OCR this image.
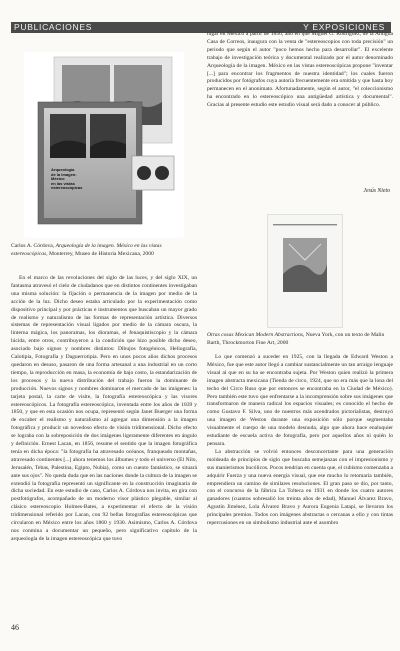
PUBLICACIONES	Y EXPOSICIONES
Arqueología
de la imagen:
México
en las vistas
estereoscópicas
Carlos A. Córdova, Arqueología de la imagen. México en las vistas estereoscópicas, Monterrey, Museo de Historia Mexicana, 2000

En el marco de las revoluciones del siglo de las luces, y del siglo XIX, un fantasma atravesó el cielo de ciudadanos que en distintos continentes investigaban una misma solución: la fijación o permanencia de la imagen por medio de la acción de la luz. Dicho deseo estaba articulado por la experimentación como dispositivo principal y por prácticas e instrumentos que buscaban un mayor grado de realismo y naturalismo de las formas de representación artística. Diversos sistemas de representación visual ligados por medio de la cámara oscura, la linterna mágica, los panoramas, los dioramas, el fenaquistiscopio y la cámara lúcida, entre otros, contribuyeron a la condición que hizo posible dicho deseo, asociado bajo signos y nombres distintos: Dibujos fotogénicos, Heliografía, Calotipia, Fotografía y Daguerrotipia. Pero en unos pocos años dichos procesos quedaron en desuso, pasaron de una forma artesanal a una industrial en un corto tiempo, la reproducción en masa, la economía de bajo costo, la estandarización de los procesos y la nueva distribución del trabajo fueron la dominante de producción. Nuevos signos y nombres dominaron el mercado de las imágenes: la tarjeta postal, la carte de visite, la fotografía estereoscópica y las visores estereoscópicos. La fotografía estereoscópica, inventada entre los años de 1839 y 1850, y que en esta ocasión nos ocupa, representó según Janet Buerger una forma de excaber el realismo y naturalismo al agregar una dimensión a la imagen fotográfica y producir un novedoso efecto de visión tridimensional. Dicho efecto se lograba con la sobreposición de dos imágenes ligeramente diferentes en ángulo y definición. Ernest Lacan, en 1856, resume el sentido que la imagen fotográfica tenía en dicha época: "la fotografía ha atravesado océanos, franqueado montañas, atravesado continentes [...] ahora tenemos los álbumes y todo el universo (El Nilo, Jerusalén, Tebas, Palestina, Egipto, Nubia), como un cuento fantástico, se situará ante sus ojos". No queda duda que en las naciones donde la cultura de la imagen se extendió la fotografía representó un significante en la construcción imaginaria de dicha sociedad. En este estudio de caso, Carlos A. Córdova nos invita, en gira con postfotógrafos, acompañado de un moderno visor plástico plegable, similar al clásico estereoscopio Holmes-Bates, a experimentar el efecto de la visión tridimensional referido por Lacan, con 92 bellas fotografías estereoscópicas que circularon en México entre los años 1860 y 1930. Asimismo, Carlos A. Córdova nos conmina a documentar un pequeño, pero significativo capítulo de la arqueología de la imagen estereoscópica que tuvo

lugar en México a partir de 1856, año en que Miguel G. Rodríguez, de la Antigua Casa de Correos, inaugura con la venta de "estereoscopios con toda precisión" un periodo que según el autor "poco hemos hecho para desarrollar". El excelente trabajo de investigación teórica y documental realizado por el autor denominado Arqueología de la imagen. México en las vistas estereoscópicas propone "inventar [...] para encontrar los fragmentos de nuestra identidad"; los cuales fueron producidos por fotógrafos cuya autoría frecuentemente era omitida y que hasta hoy permanecen en el anonimato. Afortunadamente, según el autor, "el coleccionismo ha encontrado en lo estereoscópico una antigüedad artística y documental". Gracias al presente estudio este estudio visual será dado a conocer al público.

Jesús Nieto
Otras cosas Mexican Modern Abstractions, Nueva York, con un texto de Malin Barth, Throckmorton Fine Art, 2000

Lo que comenzó a suceder en 1925, con la llegada de Edward Weston a México, fue que este autor llegó a cambiar sustancialmente un tan arraigo lenguaje visual al que en su ha se encontraba sujeta. Por Weston quien realizó la primera imagen abstracta mexicana (Tienda de circo, 1924, que no era más que la lona del techo del Circo Ruso que por entonces se encontraba en la Ciudad de México). Pero también este tuvo que enfrentarse a la incomprensión sobre sus imágenes que transformaron de manera radical los espacios visuales; es conocido el hecho de como Gustavo F. Silva, uno de nuestros más acendrados pictorialistas, destruyó una imagen de Weston durante una exposición sólo porque segmentaba visualmente el cuerpo de una modelo desnuda, algo que ahora hace enaluquier estudiante de escuela activa de fotografía, pero por aquellos años ni quién lo pensara.

La abstracción se volvió entonces desconcertante para una generación moldeada de principios de siglo que buscaba semejanzas con el impresionismo y sus manierismos bucólicos. Pocos tendrían en cuenta que, el cubismo comenzaba a adquirir Fuerza y una nueva energía visual, que ese mucho lo retomaría también, emprendiera un camino de similares resoluciones. El gran paso se dio, por tanto, con el concurso de la fábrica La Tolteca en 1931 en donde los cuatro autores ganadores (cuantos sobresalió los treinta años de edad), Manuel Álvarez Bravo, Agustín Jiménez, Lola Álvarez Bravo y Aurora Eugenia Latapí, se llevaron los principales premios. Todos con imágenes abstractas o cercanas a ello y con tintas repercusiones en un simbolismo industrial ante el asombro

46
